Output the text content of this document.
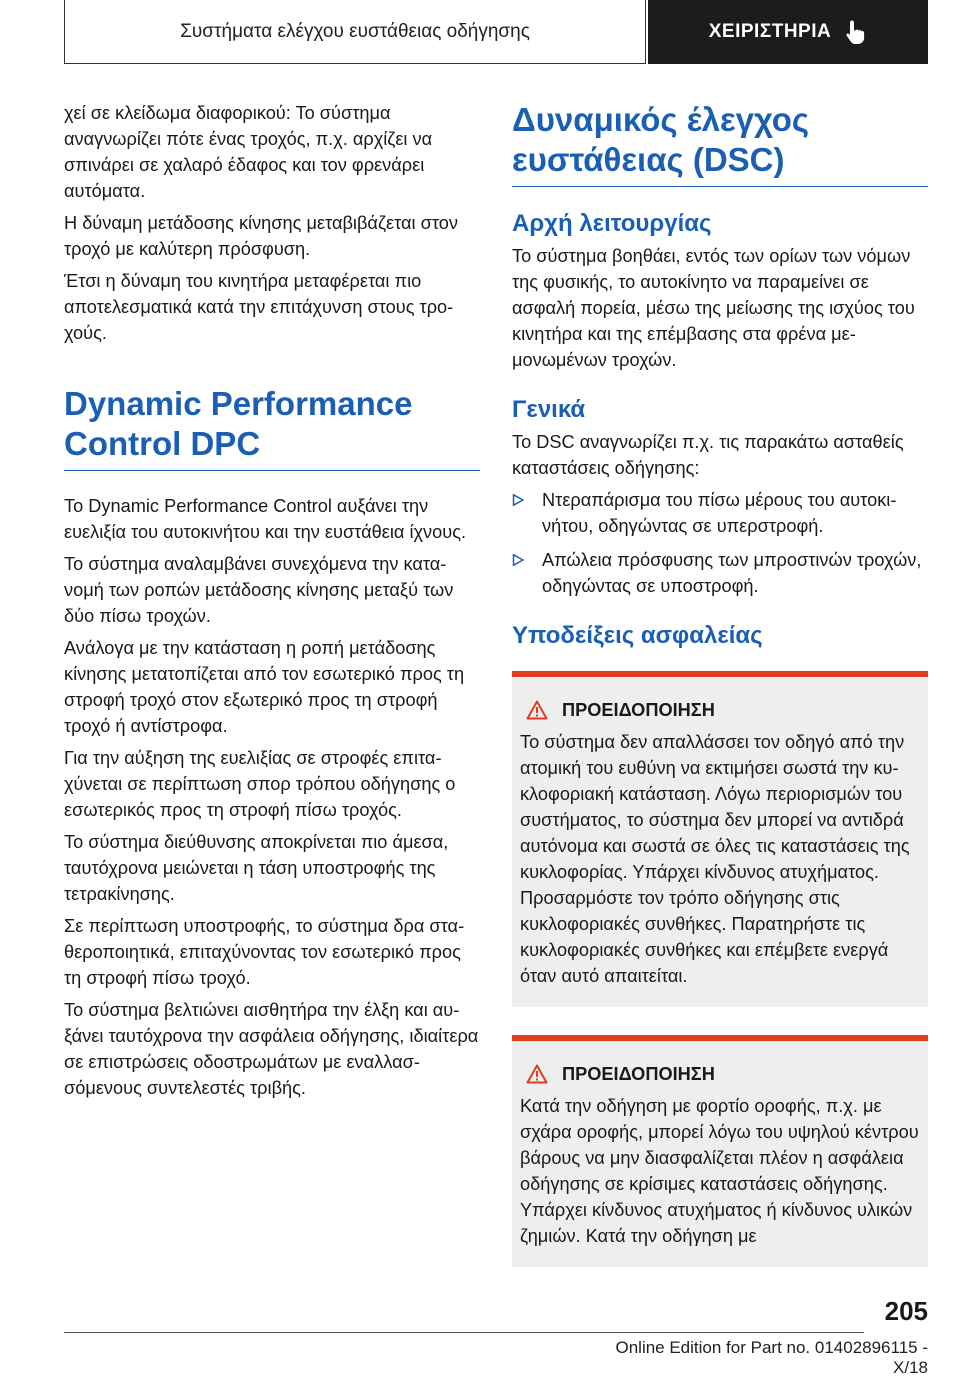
Συστήματα ελέγχου ευστάθειας οδήγησης	ΧΕΙΡΙΣΤΗΡΙΑ

χεί σε κλείδωμα διαφορικού: Το σύστημα αναγνωρίζει πότε ένας τροχός, π.χ. αρχίζει να σπινάρει σε χαλαρό έδαφος και τον φρενάρει αυτόματα.

Η δύναμη μετάδοσης κίνησης μεταβιβάζεται στον τροχό με καλύτερη πρόσφυση.

Έτσι η δύναμη του κινητήρα μεταφέρεται πιο αποτελεσματικά κατά την επιτάχυνση στους τροχούς.

Dynamic Performance Control DPC

Το Dynamic Performance Control αυξάνει την ευελιξία του αυτοκινήτου και την ευστάθεια ίχνους.

Το σύστημα αναλαμβάνει συνεχόμενα την κατανομή των ροπών μετάδοσης κίνησης μεταξύ των δύο πίσω τροχών.

Ανάλογα με την κατάσταση η ροπή μετάδοσης κίνησης μετατοπίζεται από τον εσωτερικό προς τη στροφή τροχό στον εξωτερικό προς τη στροφή τροχό ή αντίστροφα.

Για την αύξηση της ευελιξίας σε στροφές επιταχύνεται σε περίπτωση σπορ τρόπου οδήγησης ο εσωτερικός προς τη στροφή πίσω τροχός.

Το σύστημα διεύθυνσης αποκρίνεται πιο άμεσα, ταυτόχρονα μειώνεται η τάση υποστροφής της τετρακίνησης.

Σε περίπτωση υποστροφής, το σύστημα δρα σταθεροποιητικά, επιταχύνοντας τον εσωτερικό προς τη στροφή πίσω τροχό.

Το σύστημα βελτιώνει αισθητήρα την έλξη και αυξάνει ταυτόχρονα την ασφάλεια οδήγησης, ιδιαίτερα σε επιστρώσεις οδοστρωμάτων με εναλλασσόμενους συντελεστές τριβής.

Δυναμικός έλεγχος ευστάθειας (DSC)
Αρχή λειτουργίας

Το σύστημα βοηθάει, εντός των ορίων των νόμων της φυσικής, το αυτοκίνητο να παραμείνει σε ασφαλή πορεία, μέσω της μείωσης της ισχύος του κινητήρα και της επέμβασης στα φρένα μεμονωμένων τροχών.

Γενικά

Το DSC αναγνωρίζει π.χ. τις παρακάτω ασταθείς καταστάσεις οδήγησης:

Ντεραπάρισμα του πίσω μέρους του αυτοκινήτου, οδηγώντας σε υπερστροφή.
Απώλεια πρόσφυσης των μπροστινών τροχών, οδηγώντας σε υποστροφή.
Υποδείξεις ασφαλείας
ΠΡΟΕΙΔΟΠΟΙΗΣΗ

Το σύστημα δεν απαλλάσσει τον οδηγό από την ατομική του ευθύνη να εκτιμήσει σωστά την κυκλοφοριακή κατάσταση. Λόγω περιορισμών του συστήματος, το σύστημα δεν μπορεί να αντιδρά αυτόνομα και σωστά σε όλες τις καταστάσεις της κυκλοφορίας. Υπάρχει κίνδυνος ατυχήματος. Προσαρμόστε τον τρόπο οδήγησης στις κυκλοφοριακές συνθήκες. Παρατηρήστε τις κυκλοφοριακές συνθήκες και επέμβετε ενεργά όταν αυτό απαιτείται.

ΠΡΟΕΙΔΟΠΟΙΗΣΗ

Κατά την οδήγηση με φορτίο οροφής, π.χ. με σχάρα οροφής, μπορεί λόγω του υψηλού κέντρου βάρους να μην διασφαλίζεται πλέον η ασφάλεια οδήγησης σε κρίσιμες καταστάσεις οδήγησης. Υπάρχει κίνδυνος ατυχήματος ή κίνδυνος υλικών ζημιών. Κατά την οδήγηση με

205
Online Edition for Part no. 01402896115 - X/18
